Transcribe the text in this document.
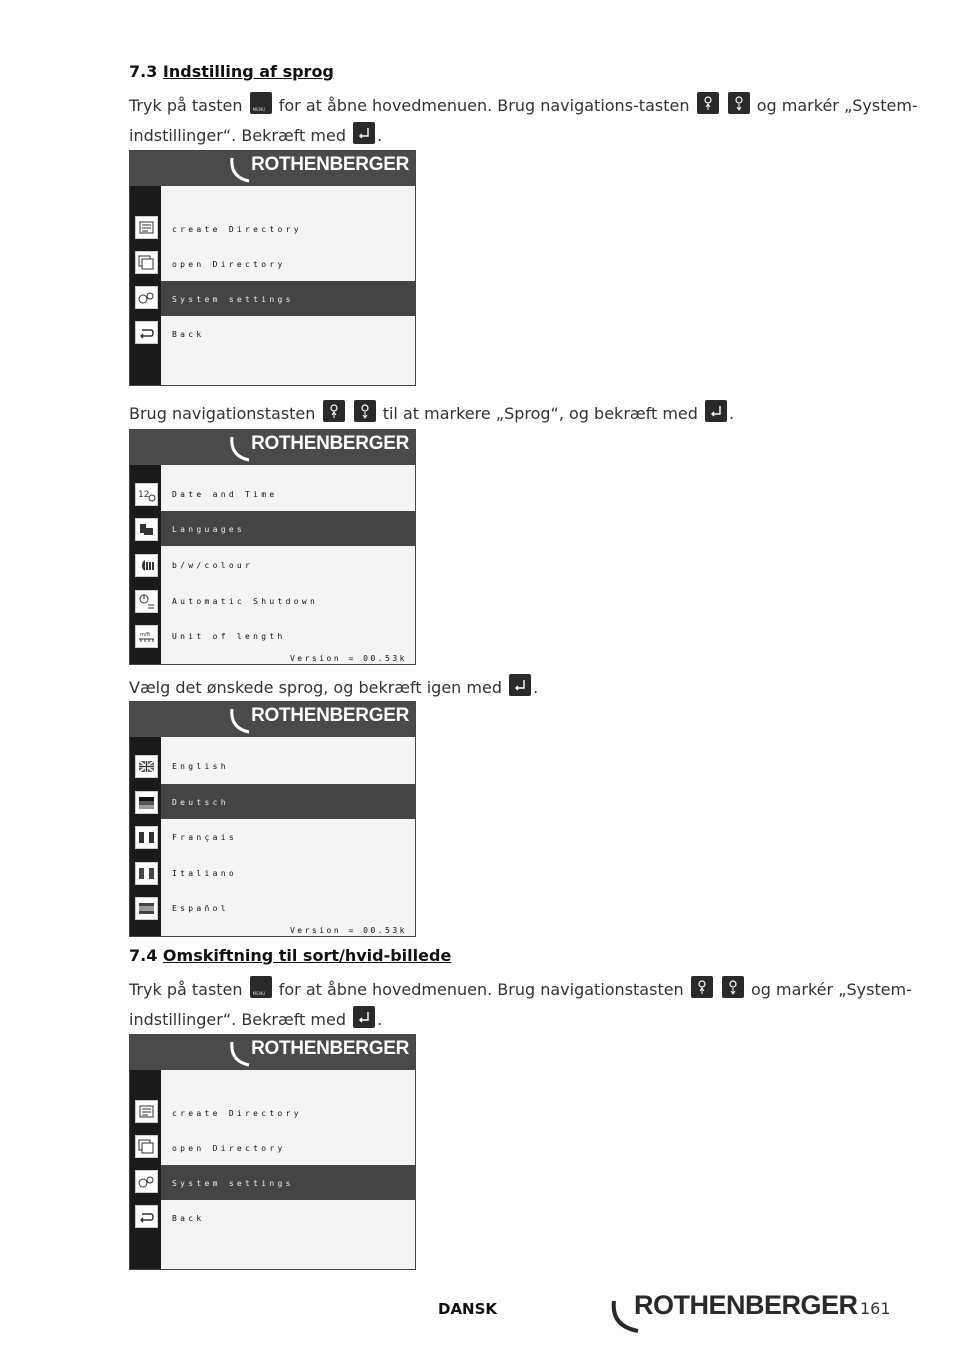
7.3 Indstilling af sprog
Tryk på tasten MENU for at åbne hovedmenuen. Brug navigations-tasten
	og markér „System-
indstillinger“. Bekræft med .
ROTHENBERGER
create Directory
open Directory
System settings
Back
Brug navigationstasten
	til at markere „Sprog“, og bekræft med .
ROTHENBERGER
Date and Time
Languages
b/w/colour
Automatic Shutdown
Unit of length
12
m/ft
Version = 00.53k
Vælg det ønskede sprog, og bekræft igen med .
ROTHENBERGER
English
Deutsch
Français
Italiano
Español
Version = 00.53k
7.4 Omskiftning til sort/hvid-billede
Tryk på tasten MENU for at åbne hovedmenuen. Brug navigationstasten
	og markér „System-
indstillinger“. Bekræft med .
ROTHENBERGER
create Directory
open Directory
System settings
Back
DANSK	ROTHENBERGER 161
